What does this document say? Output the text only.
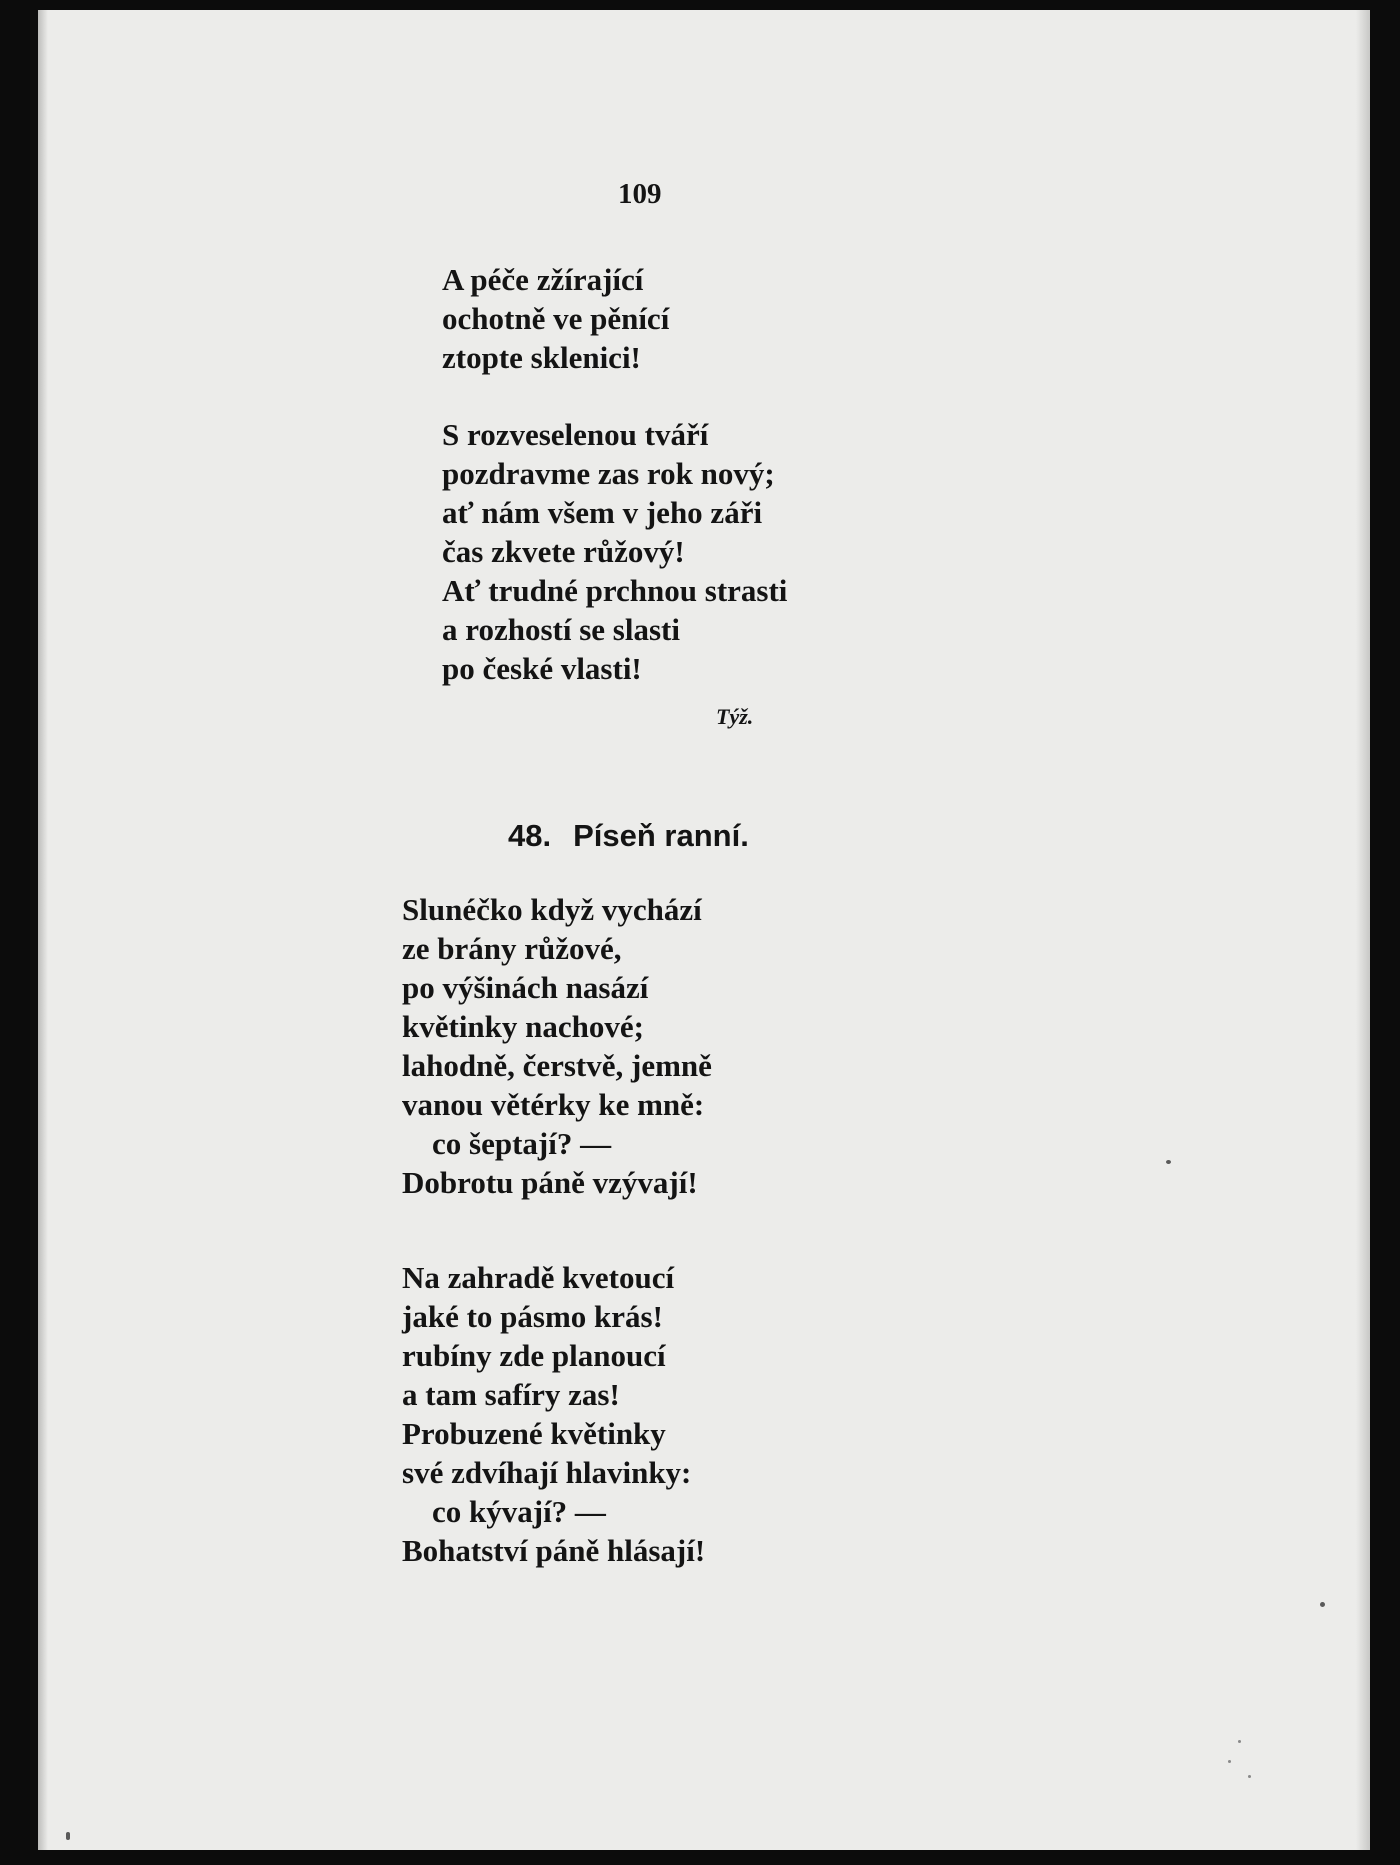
109
A péče zžírající
ochotně ve pěnící
ztopte sklenici!
S rozveselenou tváří
pozdravme zas rok nový;
ať nám všem v jeho záři
čas zkvete růžový!
Ať trudné prchnou strasti
a rozhostí se slasti
po české vlasti!
Týž.
48. Píseň ranní.
Slunéčko když vychází
ze brány růžové,
po výšinách nasází
květinky nachové;
lahodně, čerstvě, jemně
vanou větérky ke mně:
co šeptají? —
Dobrotu páně vzývají!
Na zahradě kvetoucí
jaké to pásmo krás!
rubíny zde planoucí
a tam safíry zas!
Probuzené květinky
své zdvíhají hlavinky:
co kývají? —
Bohatství páně hlásají!
